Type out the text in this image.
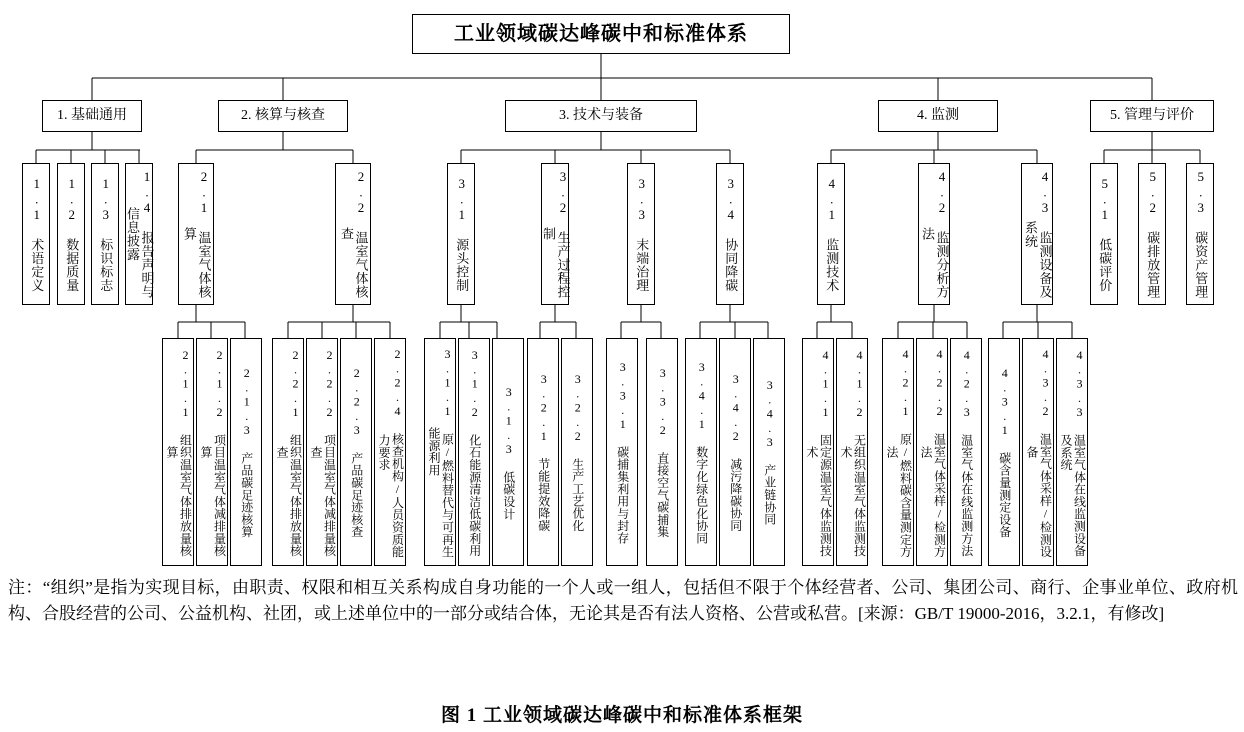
工业领域碳达峰碳中和标准体系
1. 基础通用	2. 核算与核查	3. 技术与装备	4. 监测	5. 管理与评价
1.1 术语定义	1.2 数据质量	1.3 标识标志	1.4 报告声明与信息披露	2.1 温室气体核算	2.2 温室气体核查	3.1 源头控制	3.2 生产过程控制	3.3 末端治理	3.4 协同降碳	4.1 监测技术	4.2 监测分析方法	4.3 监测设备及系统	5.1 低碳评价	5.2 碳排放管理	5.3 碳资产管理
2.1.1 组织温室气体排放量核算	2.1.2 项目温室气体减排量核算	2.1.3 产品碳足迹核算	2.2.1 组织温室气体排放量核查	2.2.2 项目温室气体减排量核查	2.2.3 产品碳足迹核查	2.2.4 核查机构/人员资质能力要求	3.1.1 原/燃料替代与可再生能源利用	3.1.2 化石能源清洁低碳利用	3.1.3 低碳设计	3.2.1 节能提效降碳	3.2.2 生产工艺优化	3.3.1 碳捕集利用与封存	3.3.2 直接空气碳捕集	3.4.1 数字化绿色化协同	3.4.2 减污降碳协同	3.4.3 产业链协同	4.1.1 固定源温室气体监测技术	4.1.2 无组织温室气体监测技术	4.2.1 原/燃料碳含量测定方法	4.2.2 温室气体采样/检测方法	4.2.3 温室气体在线监测方法	4.3.1 碳含量测定设备	4.3.2 温室气体采样/检测设备	4.3.3 温室气体在线监测设备及系统
注：“组织”是指为实现目标，由职责、权限和相互关系构成自身功能的一个人或一组人，包括但不限于个体经营者、公司、集团公司、商行、企事业单位、政府机构、合股经营的公司、公益机构、社团，或上述单位中的一部分或结合体，无论其是否有法人资格、公营或私营。[来源：GB/T 19000-2016，3.2.1，有修改]
图 1 工业领域碳达峰碳中和标准体系框架
